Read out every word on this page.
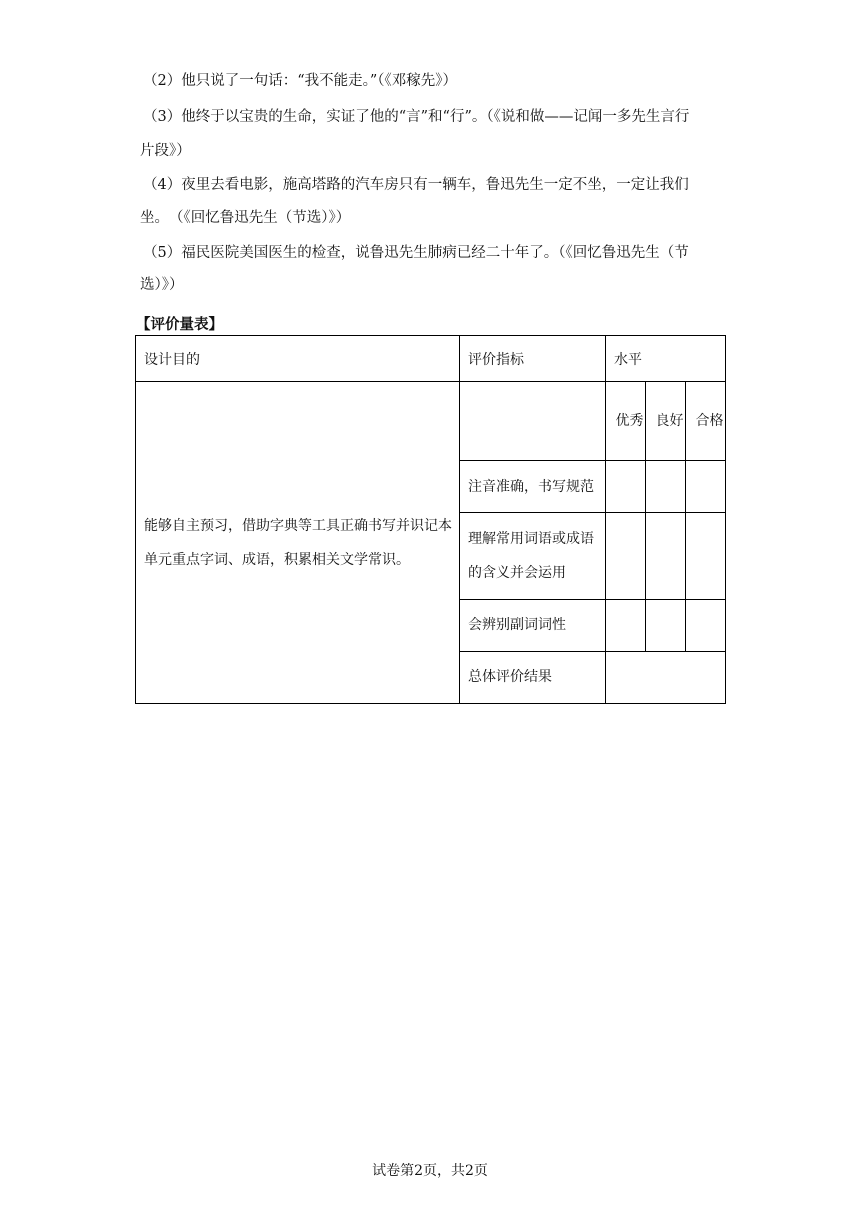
（2）他只说了一句话：“我不能走。”（《邓稼先》）
（3）他终于以宝贵的生命，实证了他的“言”和“行”。（《说和做——记闻一多先生言行
片段》）
（4）夜里去看电影，施高塔路的汽车房只有一辆车，鲁迅先生一定不坐，一定让我们
坐。　（《回忆鲁迅先生（节选）》）
（5）福民医院美国医生的检查，说鲁迅先生肺病已经二十年了。（《回忆鲁迅先生（节
选）》）
【评价量表】
设计目的	评价指标	水平		
能够自主预习，借助字典等工具正确书写并识记本单元重点字词、成语，积累相关文学常识。		优秀	良好	合格
	注音准确，书写规范			
	理解常用词语或成语的含义并会运用			
	会辨别副词词性			
	总体评价结果			
试卷第2页，共2页
